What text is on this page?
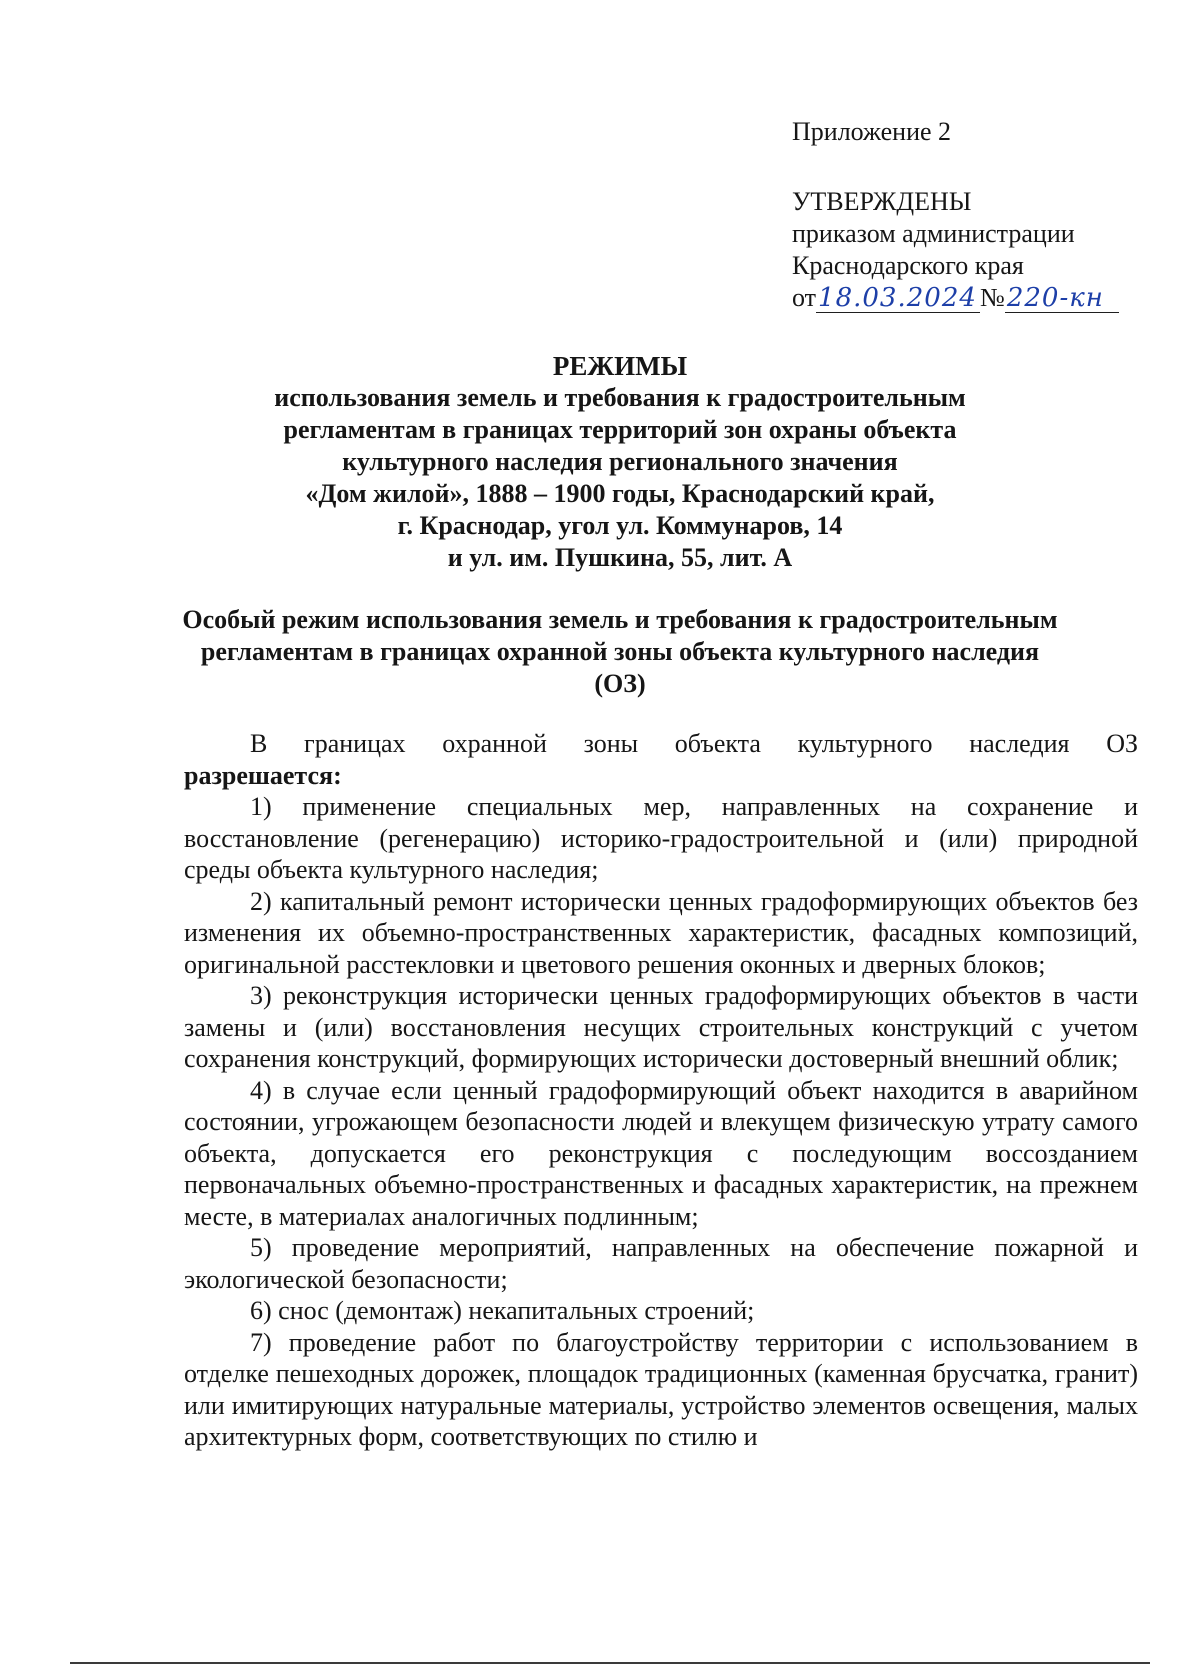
Приложение 2

УТВЕРЖДЕНЫ

приказом администрации

Краснодарского края

от18.03.2024 №220-кн

РЕЖИМЫ

использования земель и требования к градостроительным

регламентам в границах территорий зон охраны объекта

культурного наследия регионального значения

«Дом жилой», 1888 – 1900 годы, Краснодарский край,

г. Краснодар, угол ул. Коммунаров, 14

и ул. им. Пушкина, 55, лит. А

Особый режим использования земель и требования к градостроительным

регламентам в границах охранной зоны объекта культурного наследия

(ОЗ)

В границах охранной зоны объекта культурного наследия ОЗ

разрешается:

1) применение специальных мер, направленных на сохранение и восстановление (регенерацию) историко-градостроительной и (или) природной среды объекта культурного наследия;

2) капитальный ремонт исторически ценных градоформирующих объектов без изменения их объемно-пространственных характеристик, фасадных композиций, оригинальной расстекловки и цветового решения оконных и дверных блоков;

3) реконструкция исторически ценных градоформирующих объектов в части замены и (или) восстановления несущих строительных конструкций с учетом сохранения конструкций, формирующих исторически достоверный внешний облик;

4) в случае если ценный градоформирующий объект находится в аварийном состоянии, угрожающем безопасности людей и влекущем физическую утрату самого объекта, допускается его реконструкция с последующим воссозданием первоначальных объемно-пространственных и фасадных характеристик, на прежнем месте, в материалах аналогичных подлинным;

5) проведение мероприятий, направленных на обеспечение пожарной и экологической безопасности;

6) снос (демонтаж) некапитальных строений;

7) проведение работ по благоустройству территории с использованием в отделке пешеходных дорожек, площадок традиционных (каменная брусчатка, гранит) или имитирующих натуральные материалы, устройство элементов освещения, малых архитектурных форм, соответствующих по стилю и
